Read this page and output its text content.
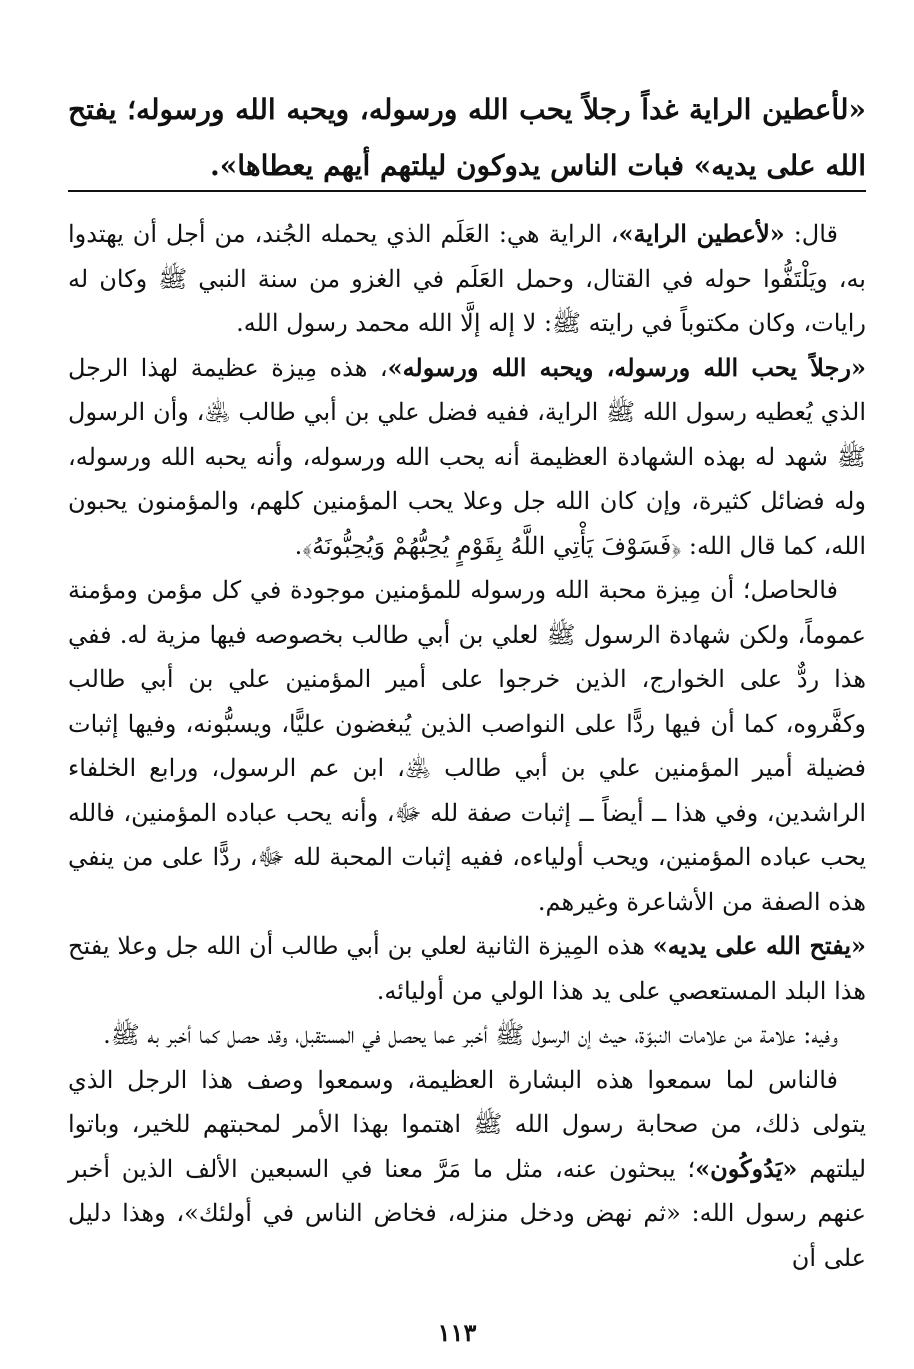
«لأعطين الراية غداً رجلاً يحب الله ورسوله، ويحبه الله ورسوله؛ يفتح الله على يديه» فبات الناس يدوكون ليلتهم أيهم يعطاها».

قال: «لأعطين الراية»، الراية هي: العَلَم الذي يحمله الجُند، من أجل أن يهتدوا به، ويَلْتَفُّوا حوله في القتال، وحمل العَلَم في الغزو من سنة النبي ﷺ وكان له رايات، وكان مكتوباً في رايته ﷺ: لا إله إلَّا الله محمد رسول الله.

«رجلاً يحب الله ورسوله، ويحبه الله ورسوله»، هذه مِيزة عظيمة لهذا الرجل الذي يُعطيه رسول الله ﷺ الراية، ففيه فضل علي بن أبي طالب ﵁، وأن الرسول ﷺ شهد له بهذه الشهادة العظيمة أنه يحب الله ورسوله، وأنه يحبه الله ورسوله، وله فضائل كثيرة، وإن كان الله جل وعلا يحب المؤمنين كلهم، والمؤمنون يحبون الله، كما قال الله: ﴿فَسَوْفَ يَأْتِي اللَّهُ بِقَوْمٍ يُحِبُّهُمْ وَيُحِبُّونَهُ﴾.

فالحاصل؛ أن مِيزة محبة الله ورسوله للمؤمنين موجودة في كل مؤمن ومؤمنة عموماً، ولكن شهادة الرسول ﷺ لعلي بن أبي طالب بخصوصه فيها مزية له. ففي هذا ردٌّ على الخوارج، الذين خرجوا على أمير المؤمنين علي بن أبي طالب وكفَّروه، كما أن فيها ردًّا على النواصب الذين يُبغضون عليًّا، ويسبُّونه، وفيها إثبات فضيلة أمير المؤمنين علي بن أبي طالب ﵁، ابن عم الرسول، ورابع الخلفاء الراشدين، وفي هذا ــ أيضاً ــ إثبات صفة لله ﷻ، وأنه يحب عباده المؤمنين، فالله يحب عباده المؤمنين، ويحب أولياءه، ففيه إثبات المحبة لله ﷻ، ردًّا على من ينفي هذه الصفة من الأشاعرة وغيرهم.

«يفتح الله على يديه» هذه المِيزة الثانية لعلي بن أبي طالب أن الله جل وعلا يفتح هذا البلد المستعصي على يد هذا الولي من أوليائه.

وفيه: علامة من علامات النبوّة، حيث إن الرسول ﷺ أخبر عما يحصل في المستقبل، وقد حصل كما أخبر به ﷺ.

فالناس لما سمعوا هذه البشارة العظيمة، وسمعوا وصف هذا الرجل الذي يتولى ذلك، من صحابة رسول الله ﷺ اهتموا بهذا الأمر لمحبتهم للخير، وباتوا ليلتهم «يَدُوكُون»؛ يبحثون عنه، مثل ما مَرَّ معنا في السبعين الألف الذين أخبر عنهم رسول الله: «ثم نهض ودخل منزله، فخاض الناس في أولئك»، وهذا دليل على أن

١١٣
